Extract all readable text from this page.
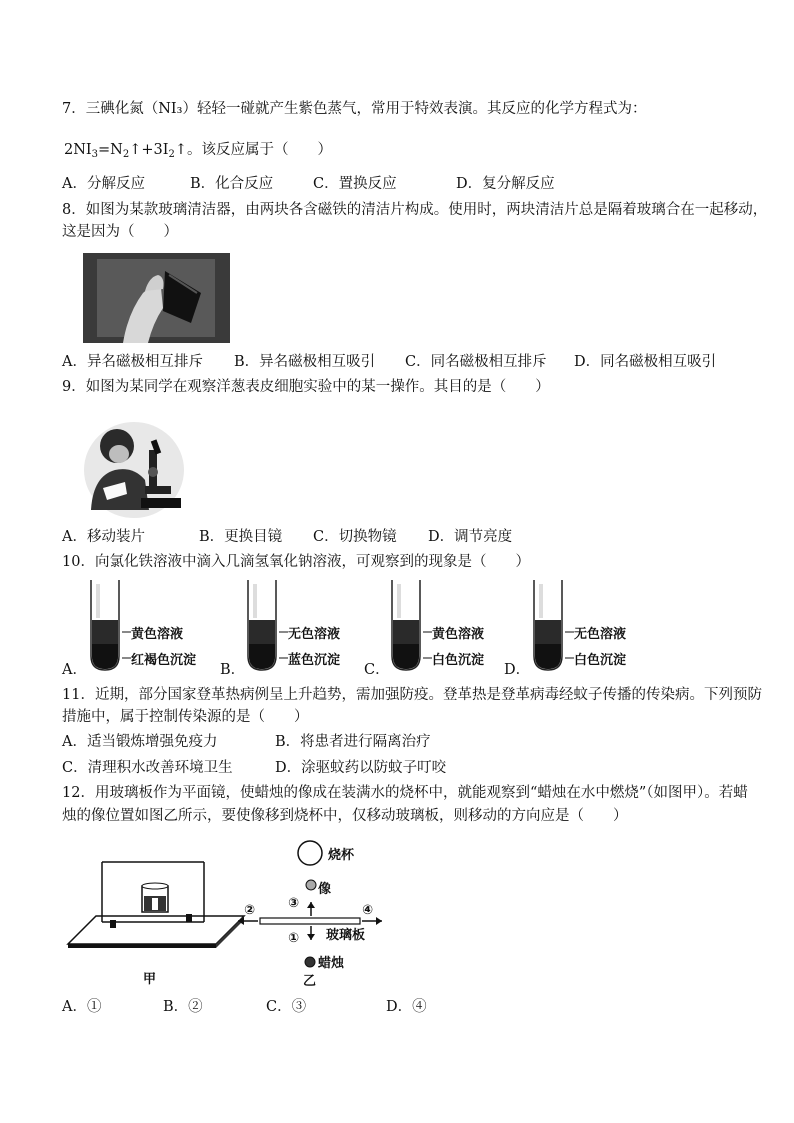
7．三碘化氮（NI₃）轻轻一碰就产生紫色蒸气，常用于特效表演。其反应的化学方程式为：
$2NI_3=N_2↑+3I_2↑$。该反应属于（　　）
A．分解反应	B．化合反应	C．置换反应	D．复分解反应
8．如图为某款玻璃清洁器，由两块各含磁铁的清洁片构成。使用时，两块清洁片总是隔着玻璃合在一起移动，
这是因为（　　）
A．异名磁极相互排斥 B．异名磁极相互吸引 C．同名磁极相互排斥 D．同名磁极相互吸引
9．如图为某同学在观察洋葱表皮细胞实验中的某一操作。其目的是（　　）
A．移动装片	B．更换目镜 C．切换物镜 D．调节亮度
10．向氯化铁溶液中滴入几滴氢氧化钠溶液，可观察到的现象是（　　）
A．
黄色溶液
红褐色沉淀
B．
无色溶液
蓝色沉淀
C．
黄色溶液
白色沉淀
D．
无色溶液
白色沉淀
11．近期，部分国家登革热病例呈上升趋势，需加强防疫。登革热是登革病毒经蚊子传播的传染病。下列预防
措施中，属于控制传染源的是（　　）
A．适当锻炼增强免疫力	B．将患者进行隔离治疗
C．清理积水改善环境卫生	D．涂驱蚊药以防蚊子叮咬
12．用玻璃板作为平面镜，使蜡烛的像成在装满水的烧杯中，就能观察到“蜡烛在水中燃烧”（如图甲）。若蜡
烛的像位置如图乙所示，要使像移到烧杯中，仅移动玻璃板，则移动的方向应是（　　）
甲
烧杯
像
玻璃板
蜡烛
②	③	④
①
乙
A．①	B．②	C．③	D．④
